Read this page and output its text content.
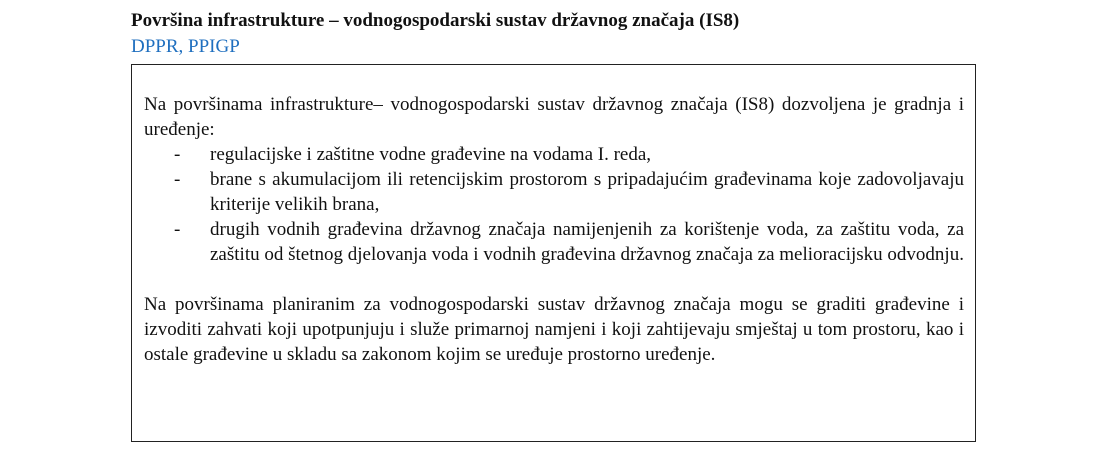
Površina infrastrukture – vodnogospodarski sustav državnog značaja (IS8)
DPPR, PPIGP

Na površinama infrastrukture– vodnogospodarski sustav državnog značaja (IS8) dozvoljena je gradnja i uređenje:

- regulacijske i zaštitne vodne građevine na vodama I. reda,
- brane s akumulacijom ili retencijskim prostorom s pripadajućim građevinama koje zadovoljavaju kriterije velikih brana,
- drugih vodnih građevina državnog značaja namijenjenih za korištenje voda, za zaštitu voda, za zaštitu od štetnog djelovanja voda i vodnih građevina državnog značaja za melioracijsku odvodnju.

Na površinama planiranim za vodnogospodarski sustav državnog značaja mogu se graditi građevine i izvoditi zahvati koji upotpunjuju i služe primarnoj namjeni i koji zahtijevaju smještaj u tom prostoru, kao i ostale građevine u skladu sa zakonom kojim se uređuje prostorno uređenje.
